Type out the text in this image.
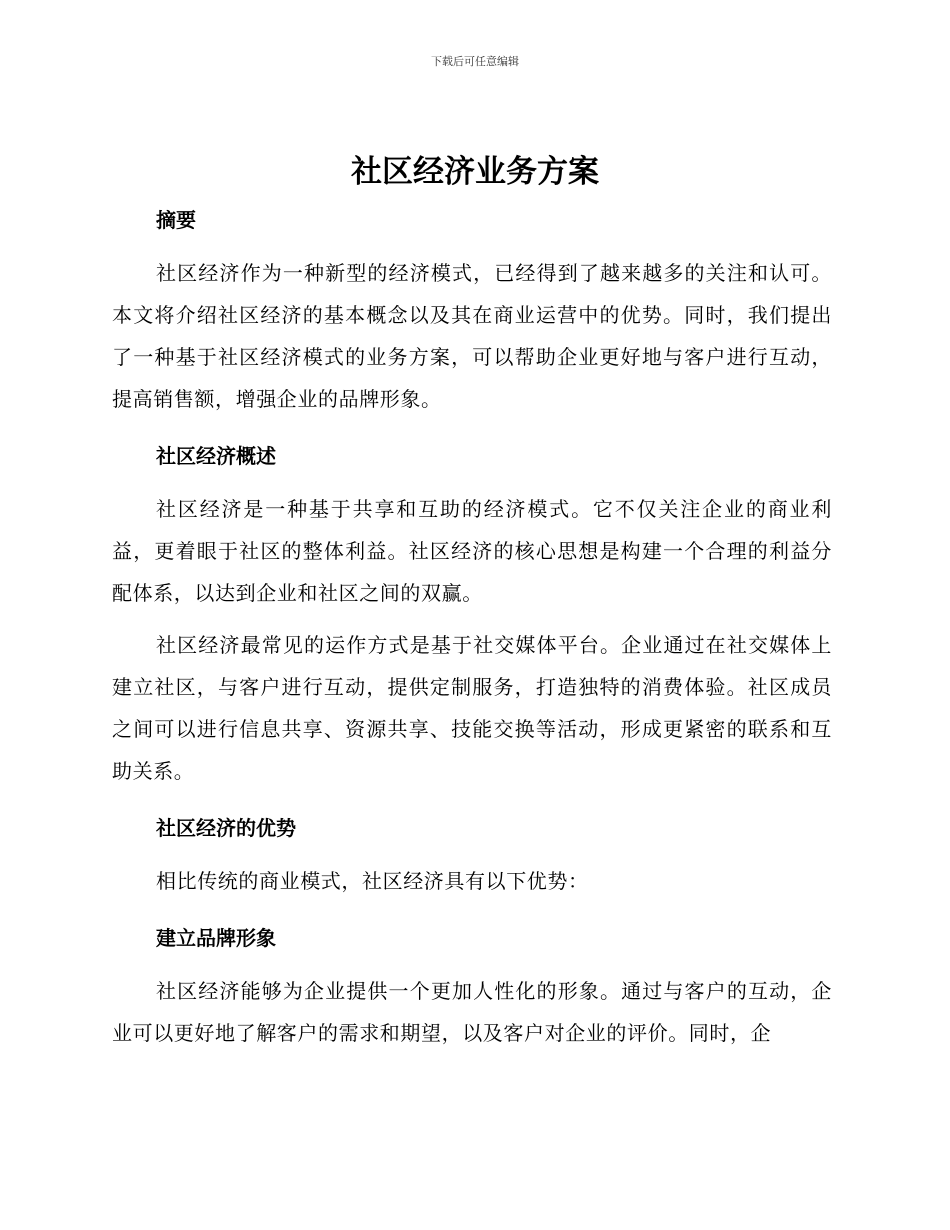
下载后可任意编辑
社区经济业务方案
摘要

社区经济作为一种新型的经济模式，已经得到了越来越多的关注和认可。本文将介绍社区经济的基本概念以及其在商业运营中的优势。同时，我们提出了一种基于社区经济模式的业务方案，可以帮助企业更好地与客户进行互动，提高销售额，增强企业的品牌形象。

社区经济概述

社区经济是一种基于共享和互助的经济模式。它不仅关注企业的商业利益，更着眼于社区的整体利益。社区经济的核心思想是构建一个合理的利益分配体系，以达到企业和社区之间的双赢。

社区经济最常见的运作方式是基于社交媒体平台。企业通过在社交媒体上建立社区，与客户进行互动，提供定制服务，打造独特的消费体验。社区成员之间可以进行信息共享、资源共享、技能交换等活动，形成更紧密的联系和互助关系。

社区经济的优势

相比传统的商业模式，社区经济具有以下优势：

建立品牌形象

社区经济能够为企业提供一个更加人性化的形象。通过与客户的互动，企业可以更好地了解客户的需求和期望，以及客户对企业的评价。同时，企
